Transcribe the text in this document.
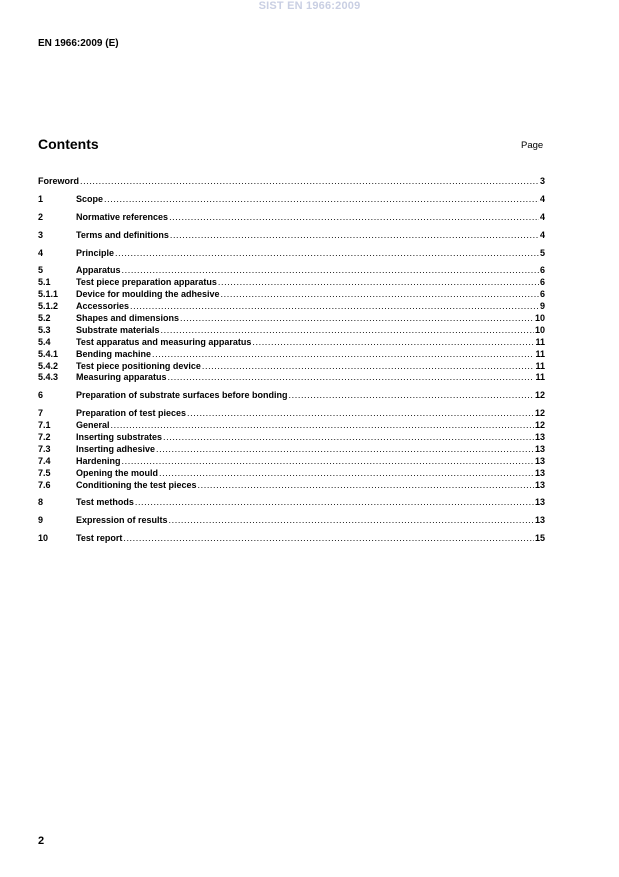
SIST EN 1966:2009
EN 1966:2009 (E)
Contents	Page
Foreword .....	3
1	Scope .....	4
2	Normative references .....	4
3	Terms and definitions .....	4
4	Principle .....	5
5	Apparatus .....	6
5.1	Test piece preparation apparatus .....	6
5.1.1	Device for moulding the adhesive .....	6
5.1.2	Accessories .....	9
5.2	Shapes and dimensions .....	10
5.3	Substrate materials .....	10
5.4	Test apparatus and measuring apparatus .....	11
5.4.1	Bending machine .....	11
5.4.2	Test piece positioning device .....	11
5.4.3	Measuring apparatus .....	11
6	Preparation of substrate surfaces before bonding .....	12
7	Preparation of test pieces .....	12
7.1	General .....	12
7.2	Inserting substrates .....	13
7.3	Inserting adhesive .....	13
7.4	Hardening .....	13
7.5	Opening the mould .....	13
7.6	Conditioning the test pieces .....	13
8	Test methods .....	13
9	Expression of results .....	13
10	Test report .....	15
2
